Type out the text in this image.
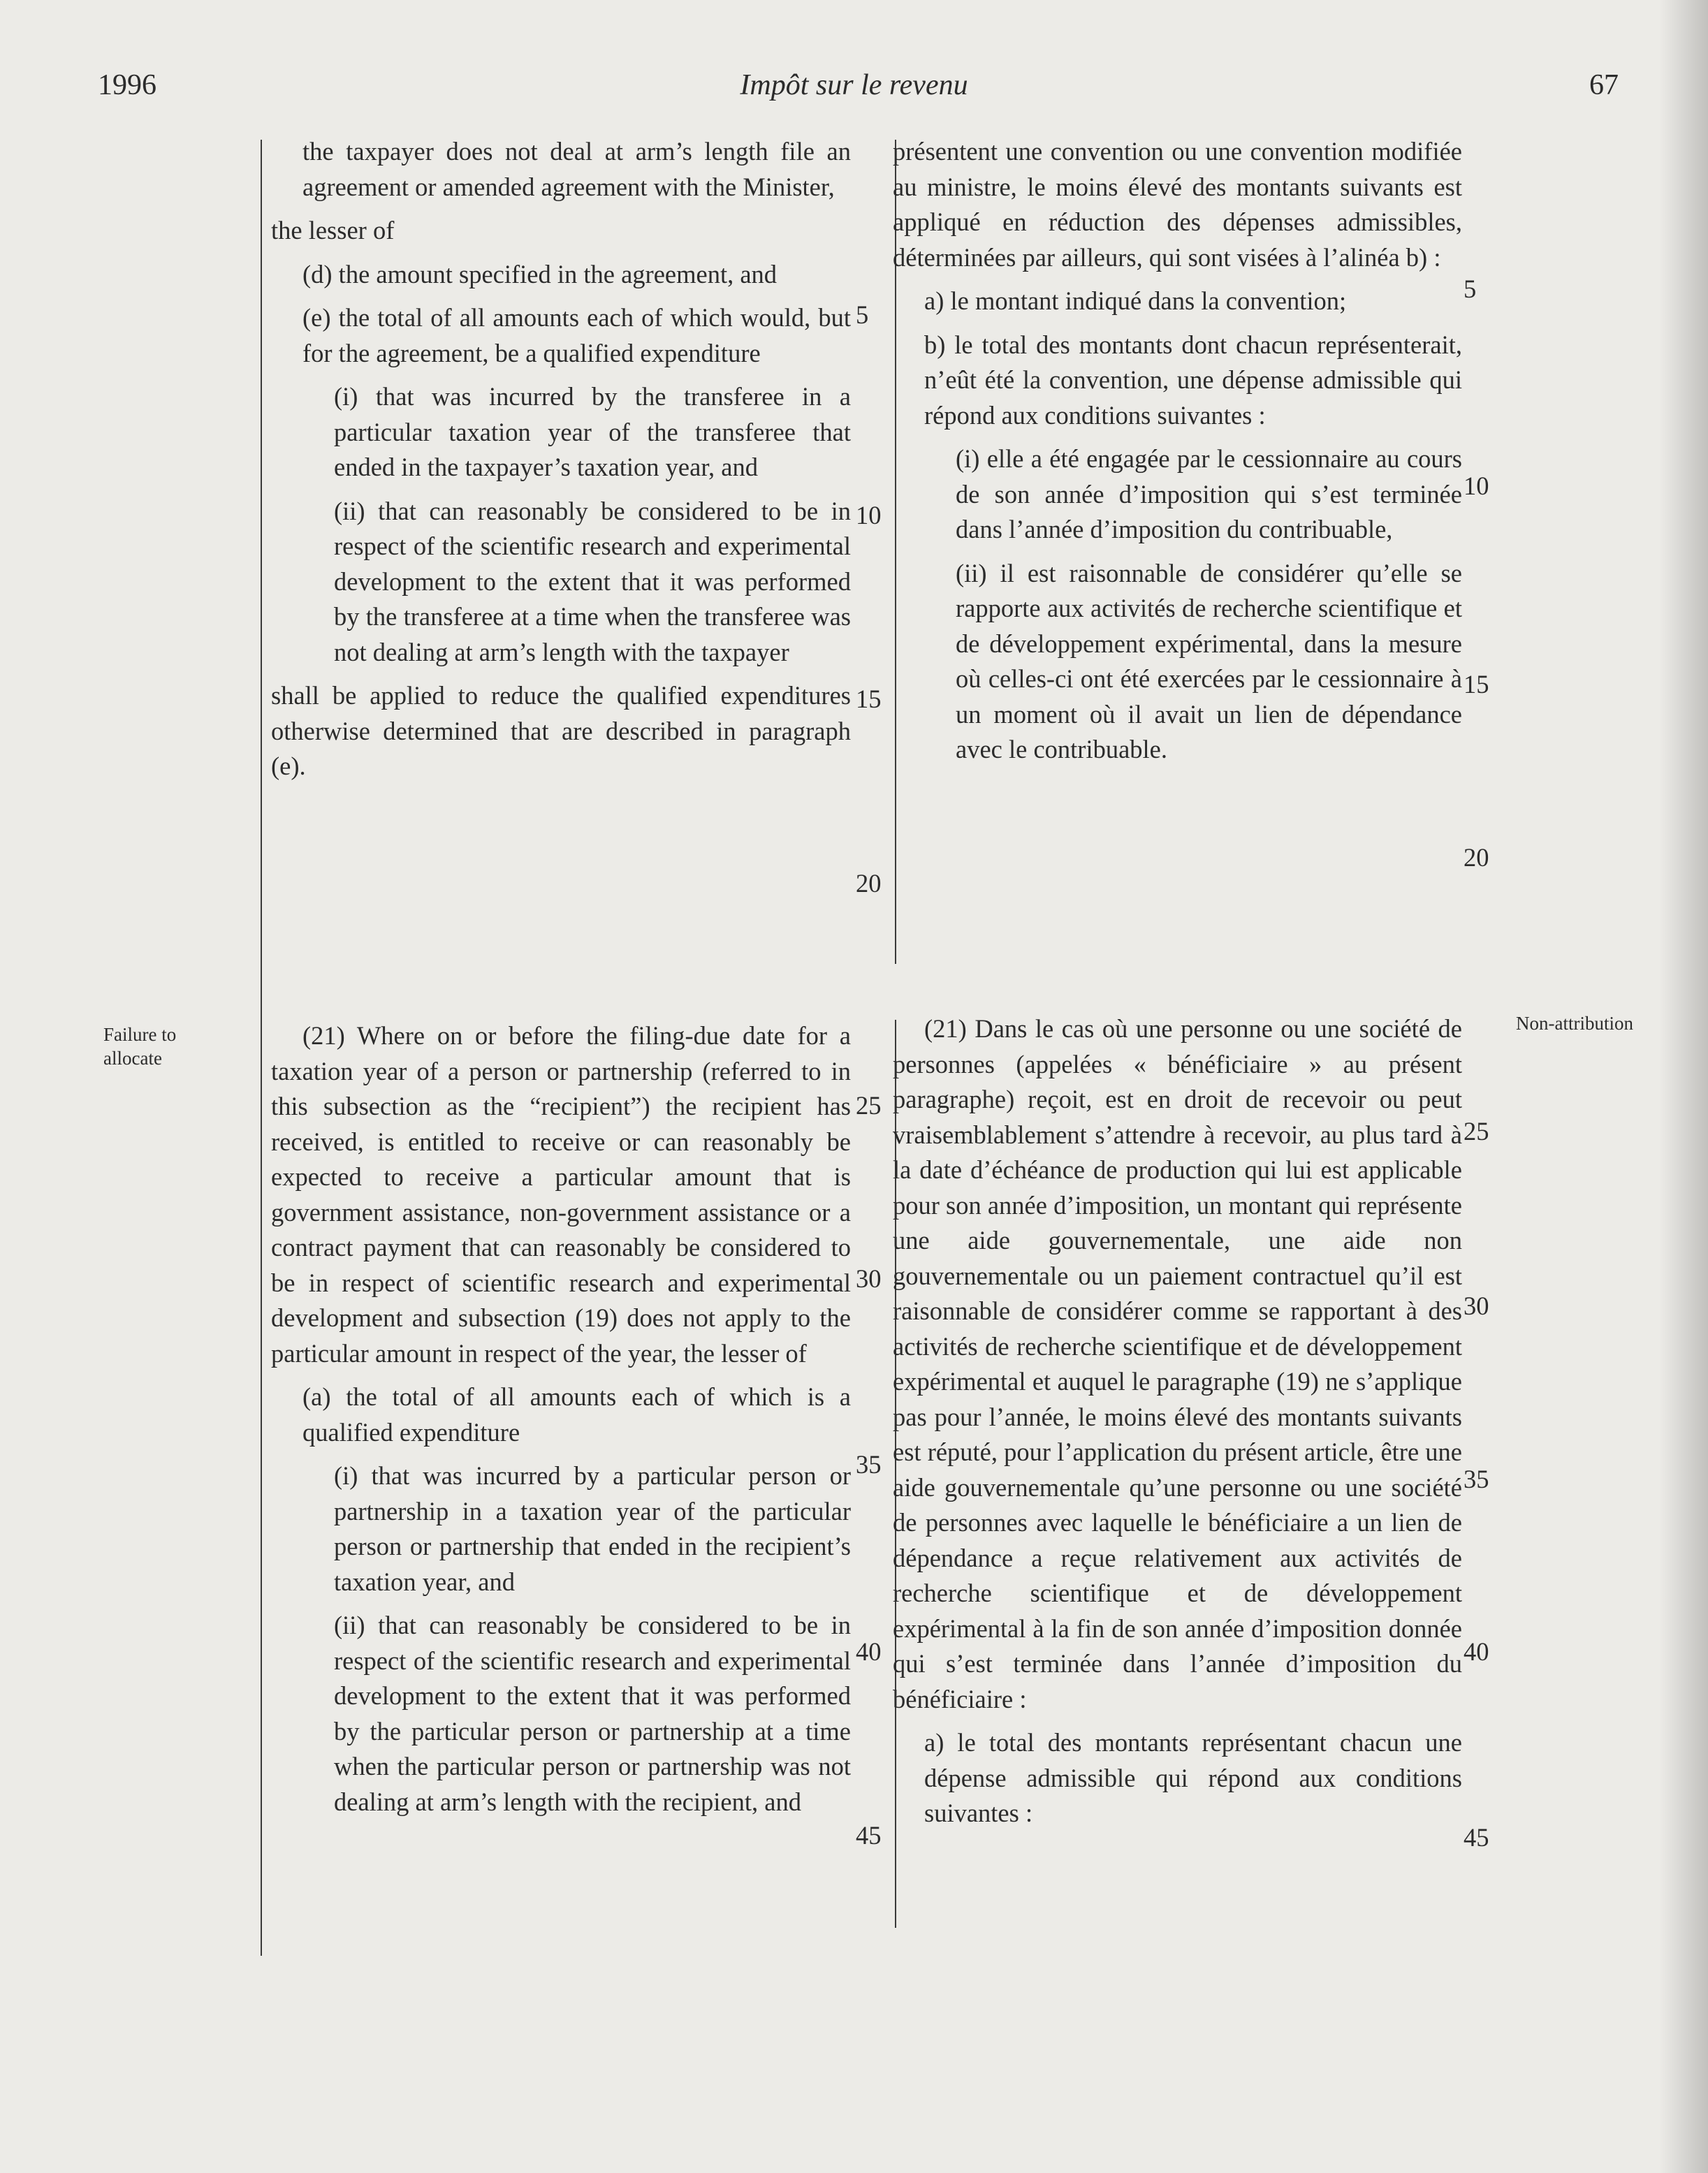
1996	Impôt sur le revenu	67
Failure to allocate
Non-attribution

the taxpayer does not deal at arm’s length file an agreement or amended agreement with the Minister,

the lesser of

(d) the amount specified in the agreement, and

(e) the total of all amounts each of which would, but for the agreement, be a qualified expenditure

(i) that was incurred by the transferee in a particular taxation year of the transferee that ended in the taxpayer’s taxation year, and

(ii) that can reasonably be considered to be in respect of the scientific research and experimental development to the extent that it was performed by the transferee at a time when the transferee was not dealing at arm’s length with the taxpayer

shall be applied to reduce the qualified expenditures otherwise determined that are described in paragraph (e).

(21) Where on or before the filing-due date for a taxation year of a person or partnership (referred to in this subsection as the “recipient”) the recipient has received, is entitled to receive or can reasonably be expected to receive a particular amount that is government assistance, non-government assistance or a contract payment that can reasonably be considered to be in respect of scientific research and experimental development and subsection (19) does not apply to the particular amount in respect of the year, the lesser of

(a) the total of all amounts each of which is a qualified expenditure

(i) that was incurred by a particular person or partnership in a taxation year of the particular person or partnership that ended in the recipient’s taxation year, and

(ii) that can reasonably be considered to be in respect of the scientific research and experimental development to the extent that it was performed by the particular person or partnership at a time when the particular person or partnership was not dealing at arm’s length with the recipient, and

présentent une convention ou une convention modifiée au ministre, le moins élevé des montants suivants est appliqué en réduction des dépenses admissibles, déterminées par ailleurs, qui sont visées à l’alinéa b) :

a) le montant indiqué dans la convention;

b) le total des montants dont chacun représenterait, n’eût été la convention, une dépense admissible qui répond aux conditions suivantes :

(i) elle a été engagée par le cessionnaire au cours de son année d’imposition qui s’est terminée dans l’année d’imposition du contribuable,

(ii) il est raisonnable de considérer qu’elle se rapporte aux activités de recherche scientifique et de développement expérimental, dans la mesure où celles-ci ont été exercées par le cessionnaire à un moment où il avait un lien de dépendance avec le contribuable.

(21) Dans le cas où une personne ou une société de personnes (appelées « bénéficiaire » au présent paragraphe) reçoit, est en droit de recevoir ou peut vraisemblablement s’attendre à recevoir, au plus tard à la date d’échéance de production qui lui est applicable pour son année d’imposition, un montant qui représente une aide gouvernementale, une aide non gouvernementale ou un paiement contractuel qu’il est raisonnable de considérer comme se rapportant à des activités de recherche scientifique et de développement expérimental et auquel le paragraphe (19) ne s’applique pas pour l’année, le moins élevé des montants suivants est réputé, pour l’application du présent article, être une aide gouvernementale qu’une personne ou une société de personnes avec laquelle le bénéficiaire a un lien de dépendance a reçue relativement aux activités de recherche scientifique et de développement expérimental à la fin de son année d’imposition donnée qui s’est terminée dans l’année d’imposition du bénéficiaire :

a) le total des montants représentant chacun une dépense admissible qui répond aux conditions suivantes :

5
10
15
20
25
30
35
40
45
5
10
15
20
25
30
35
40
45
